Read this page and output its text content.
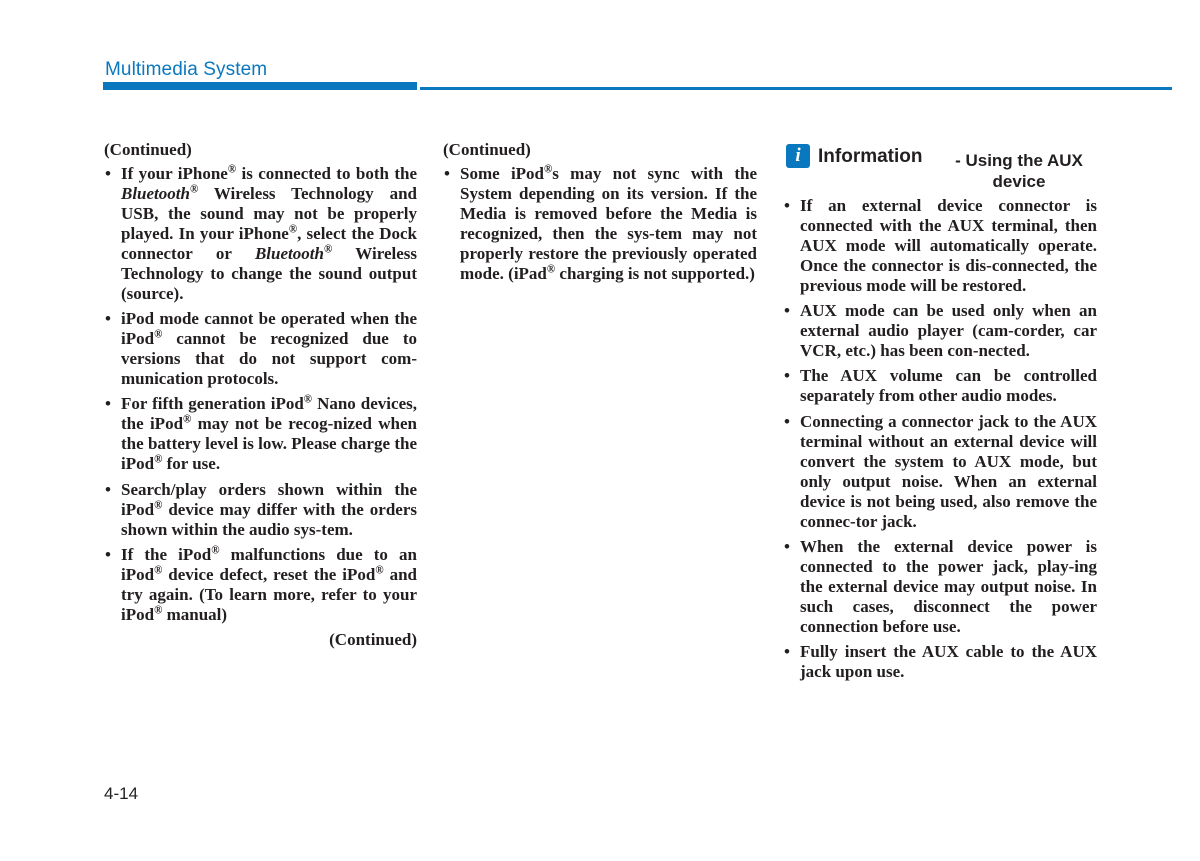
Multimedia System

(Continued)

• If your iPhone® is connected to both the Bluetooth® Wireless Technology and USB, the sound may not be properly played. In your iPhone®, select the Dock connector or Bluetooth® Wireless Technology to change the sound output (source).
• iPod mode cannot be operated when the iPod® cannot be recognized due to versions that do not support com-munication protocols.
• For fifth generation iPod® Nano devices, the iPod® may not be recog-nized when the battery level is low. Please charge the iPod® for use.
• Search/play orders shown within the iPod® device may differ with the orders shown within the audio sys-tem.
• If the iPod® malfunctions due to an iPod® device defect, reset the iPod® and try again. (To learn more, refer to your iPod® manual)

(Continued)

(Continued)

• Some iPod®s may not sync with the System depending on its version. If the Media is removed before the Media is recognized, then the sys-tem may not properly restore the previously operated mode. (iPad® charging is not supported.)
i Information	- Using the AUX device
• If an external device connector is connected with the AUX terminal, then AUX mode will automatically operate. Once the connector is dis-connected, the previous mode will be restored.
• AUX mode can be used only when an external audio player (cam-corder, car VCR, etc.) has been con-nected.
• The AUX volume can be controlled separately from other audio modes.
• Connecting a connector jack to the AUX terminal without an external device will convert the system to AUX mode, but only output noise. When an external device is not being used, also remove the connec-tor jack.
• When the external device power is connected to the power jack, play-ing the external device may output noise. In such cases, disconnect the power connection before use.
• Fully insert the AUX cable to the AUX jack upon use.
4-14
